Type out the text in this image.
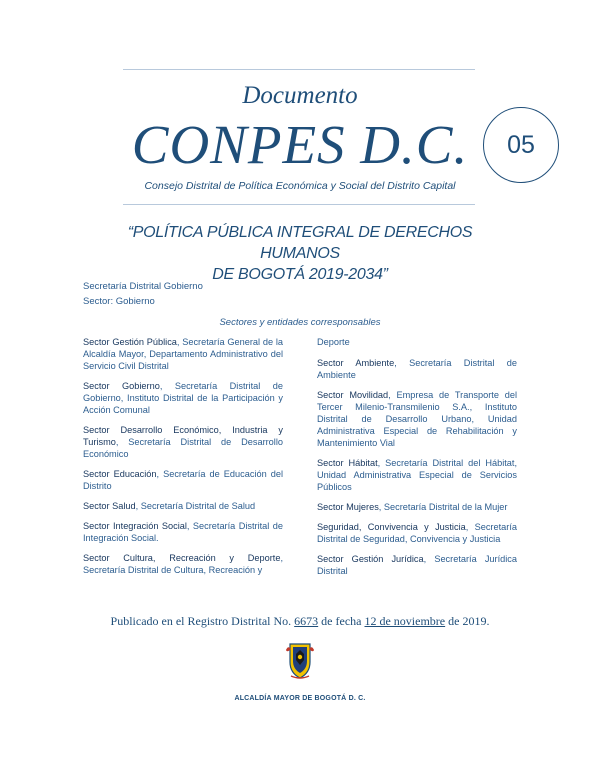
Documento
CONPES D.C.	05
Consejo Distrital de Política Económica y Social del Distrito Capital
“POLÍTICA PÚBLICA INTEGRAL DE DERECHOS HUMANOS
DE BOGOTÁ 2019-2034”
Secretaría Distrital Gobierno
Sector: Gobierno
Sectores y entidades corresponsables

Sector Gestión Pública, Secretaría General de la Alcaldía Mayor, Departamento Administrativo del Servicio Civil Distrital

Sector Gobierno, Secretaría Distrital de Gobierno, Instituto Distrital de la Participación y Acción Comunal

Sector Desarrollo Económico, Industria y Turismo, Secretaría Distrital de Desarrollo Económico

Sector Educación, Secretaría de Educación del Distrito

Sector Salud, Secretaría Distrital de Salud

Sector Integración Social, Secretaría Distrital de Integración Social.

Sector Cultura, Recreación y Deporte, Secretaría Distrital de Cultura, Recreación y

Deporte

Sector Ambiente, Secretaría Distrital de Ambiente

Sector Movilidad, Empresa de Transporte del Tercer Milenio-Transmilenio S.A., Instituto Distrital de Desarrollo Urbano, Unidad Administrativa Especial de Rehabilitación y Mantenimiento Vial

Sector Hábitat, Secretaría Distrital del Hábitat, Unidad Administrativa Especial de Servicios Públicos

Sector Mujeres, Secretaría Distrital de la Mujer

Seguridad, Convivencia y Justicia, Secretaría Distrital de Seguridad, Convivencia y Justicia

Sector Gestión Jurídica, Secretaría Jurídica Distrital

Publicado en el Registro Distrital No. 6673 de fecha 12 de noviembre de 2019.
ALCALDÍA MAYOR DE BOGOTÁ D. C.
